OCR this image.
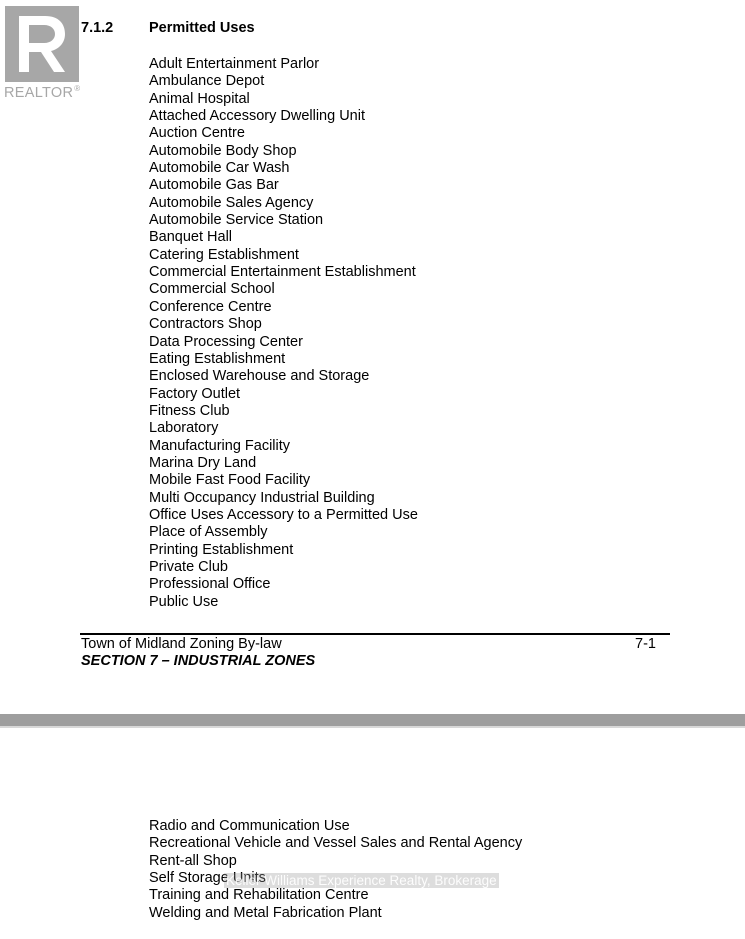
REALTOR®
7.1.2 Permitted Uses
Adult Entertainment Parlor
Ambulance Depot
Animal Hospital
Attached Accessory Dwelling Unit
Auction Centre
Automobile Body Shop
Automobile Car Wash
Automobile Gas Bar
Automobile Sales Agency
Automobile Service Station
Banquet Hall
Catering Establishment
Commercial Entertainment Establishment
Commercial School
Conference Centre
Contractors Shop
Data Processing Center
Eating Establishment
Enclosed Warehouse and Storage
Factory Outlet
Fitness Club
Laboratory
Manufacturing Facility
Marina Dry Land
Mobile Fast Food Facility
Multi Occupancy Industrial Building
Office Uses Accessory to a Permitted Use
Place of Assembly
Printing Establishment
Private Club
Professional Office
Public Use
Town of Midland Zoning By-law	7-1
SECTION 7 – INDUSTRIAL ZONES
Radio and Communication Use
Recreational Vehicle and Vessel Sales and Rental Agency
Rent-all Shop
Self Storage Units
Training and Rehabilitation Centre
Welding and Metal Fabrication Plant
Keller Williams Experience Realty, Brokerage
